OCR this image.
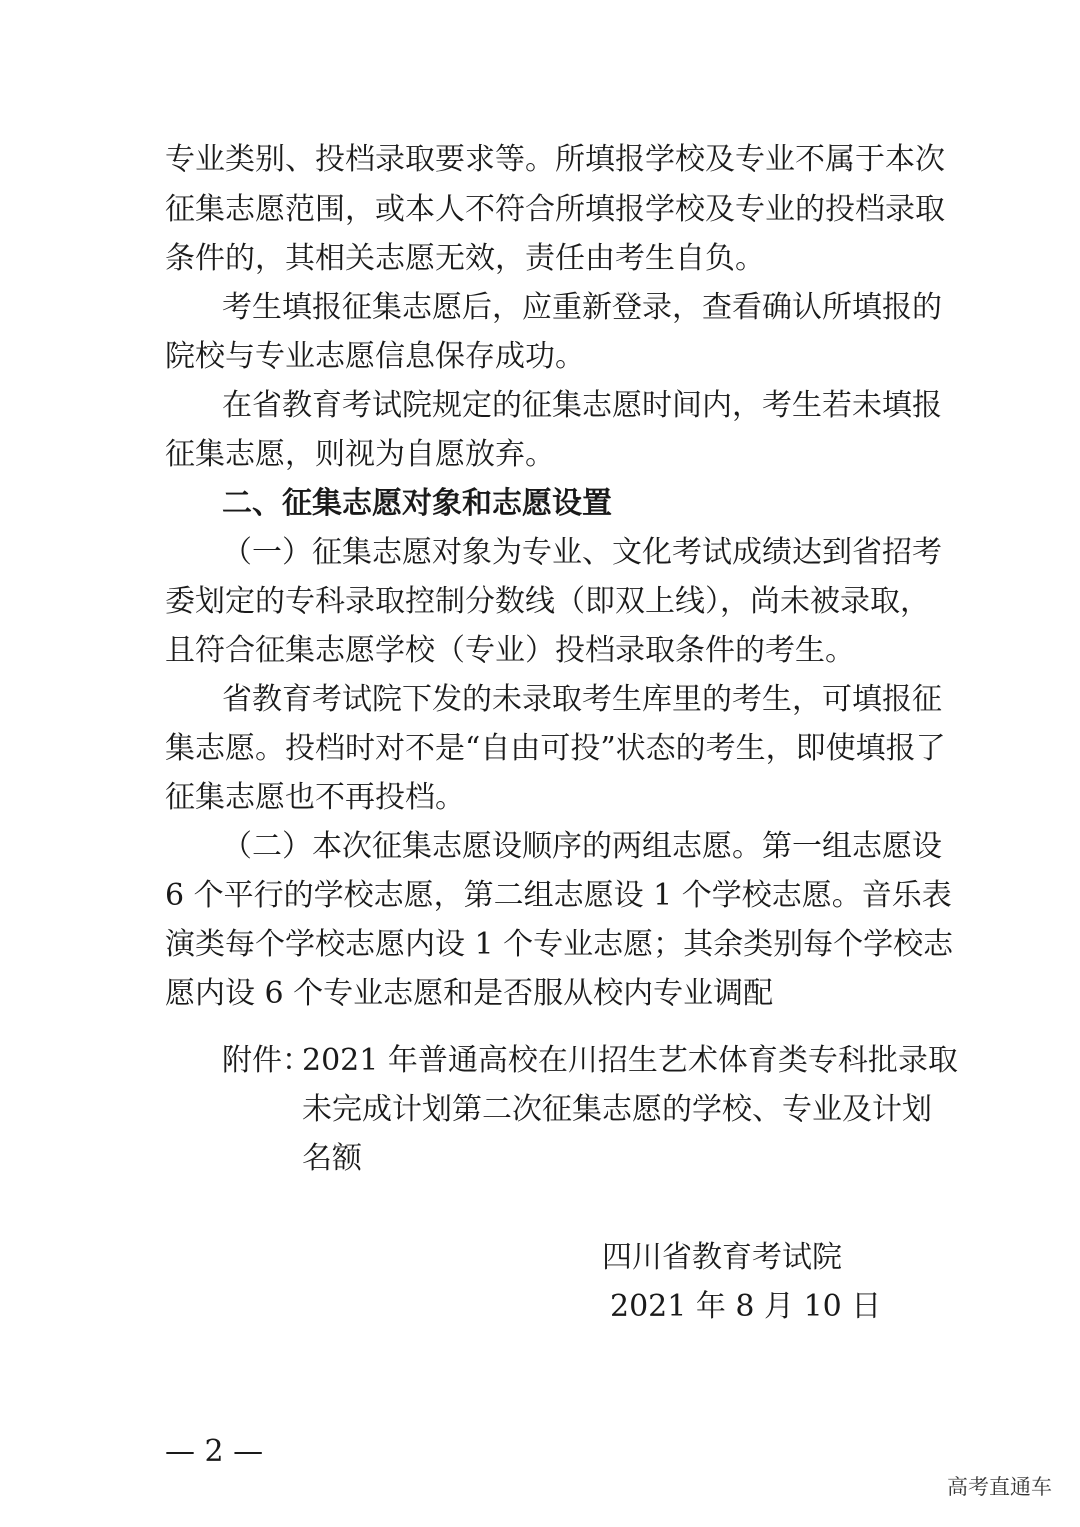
专业类别、投档录取要求等。所填报学校及专业不属于本次
征集志愿范围，或本人不符合所填报学校及专业的投档录取
条件的，其相关志愿无效，责任由考生自负。
考生填报征集志愿后，应重新登录，查看确认所填报的
院校与专业志愿信息保存成功。
在省教育考试院规定的征集志愿时间内，考生若未填报
征集志愿，则视为自愿放弃。
二、征集志愿对象和志愿设置
（一）征集志愿对象为专业、文化考试成绩达到省招考
委划定的专科录取控制分数线（即双上线），尚未被录取，
且符合征集志愿学校（专业）投档录取条件的考生。
省教育考试院下发的未录取考生库里的考生，可填报征
集志愿。投档时对不是“自由可投”状态的考生，即使填报了
征集志愿也不再投档。
（二）本次征集志愿设顺序的两组志愿。第一组志愿设
6 个平行的学校志愿，第二组志愿设 1 个学校志愿。音乐表
演类每个学校志愿内设 1 个专业志愿；其余类别每个学校志
愿内设 6 个专业志愿和是否服从校内专业调配
附件：
2021 年普通高校在川招生艺术体育类专科批录取
未完成计划第二次征集志愿的学校、专业及计划
名额
四川省教育考试院
2021 年 8 月 10 日
— 2 —
高考直通车
